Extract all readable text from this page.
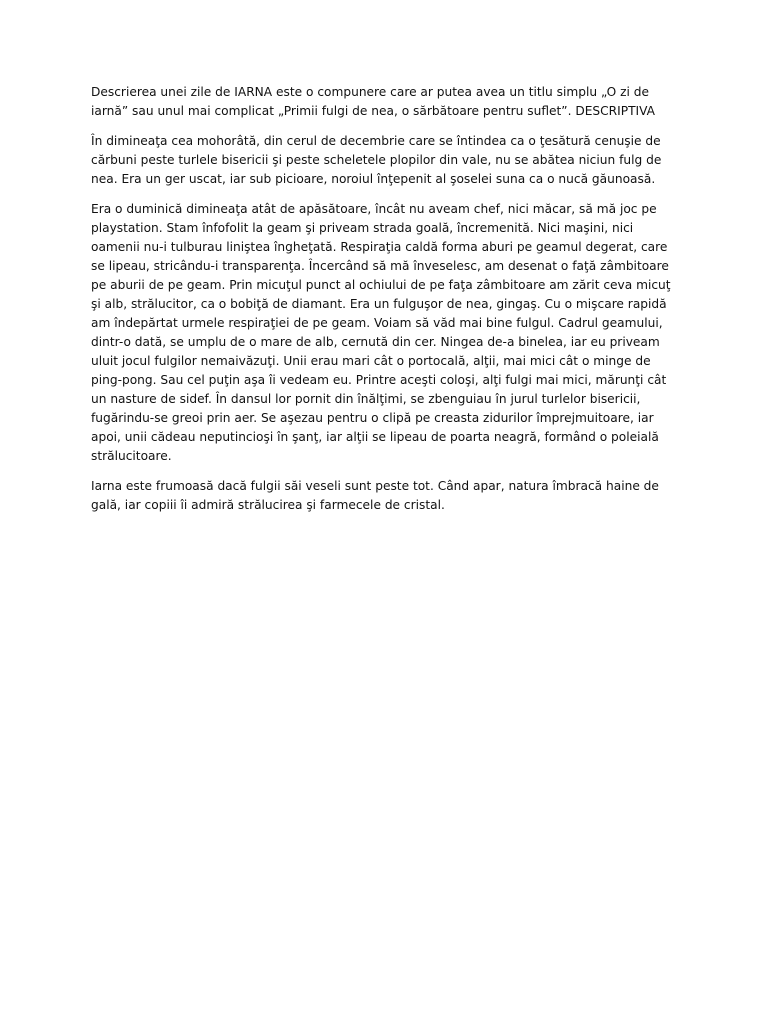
Descrierea unei zile de IARNA este o compunere care ar putea avea un titlu simplu „O zi de iarnă” sau unul mai complicat „Primii fulgi de nea, o sărbătoare pentru suflet”. DESCRIPTIVA

În dimineaţa cea mohorâtă, din cerul de decembrie care se întindea ca o ţesătură cenuşie de cărbuni peste turlele bisericii şi peste scheletele plopilor din vale, nu se abătea niciun fulg de nea. Era un ger uscat, iar sub picioare, noroiul înţepenit al şoselei suna ca o nucă găunoasă.

Era o duminică dimineaţa atât de apăsătoare, încât nu aveam chef, nici măcar, să mă joc pe playstation. Stam înfofolit la geam şi priveam strada goală, încremenită. Nici maşini, nici oamenii nu-i tulburau liniştea îngheţată. Respiraţia caldă forma aburi pe geamul degerat, care se lipeau, stricându-i transparenţa. Încercând să mă înveselesc, am desenat o faţă zâmbitoare pe aburii de pe geam. Prin micuţul punct al ochiului de pe faţa zâmbitoare am zărit ceva micuţ şi alb, strălucitor, ca o bobiţă de diamant. Era un fulguşor de nea, gingaş. Cu o mişcare rapidă am îndepărtat urmele respiraţiei de pe geam. Voiam să văd mai bine fulgul. Cadrul geamului, dintr-o dată, se umplu de o mare de alb, cernută din cer. Ningea de-a binelea, iar eu priveam uluit jocul fulgilor nemaivăzuţi. Unii erau mari cât o portocală, alţii, mai mici cât o minge de ping-pong. Sau cel puţin aşa îi vedeam eu. Printre aceşti coloşi, alţi fulgi mai mici, mărunţi cât un nasture de sidef. În dansul lor pornit din înălţimi, se zbenguiau în jurul turlelor bisericii, fugărindu-se greoi prin aer. Se aşezau pentru o clipă pe creasta zidurilor împrejmuitoare, iar apoi, unii cădeau neputincioşi în şanţ, iar alţii se lipeau de poarta neagră, formând o poleială strălucitoare.

Iarna este frumoasă dacă fulgii săi veseli sunt peste tot. Când apar, natura îmbracă haine de gală, iar copiii îi admiră strălucirea şi farmecele de cristal.
